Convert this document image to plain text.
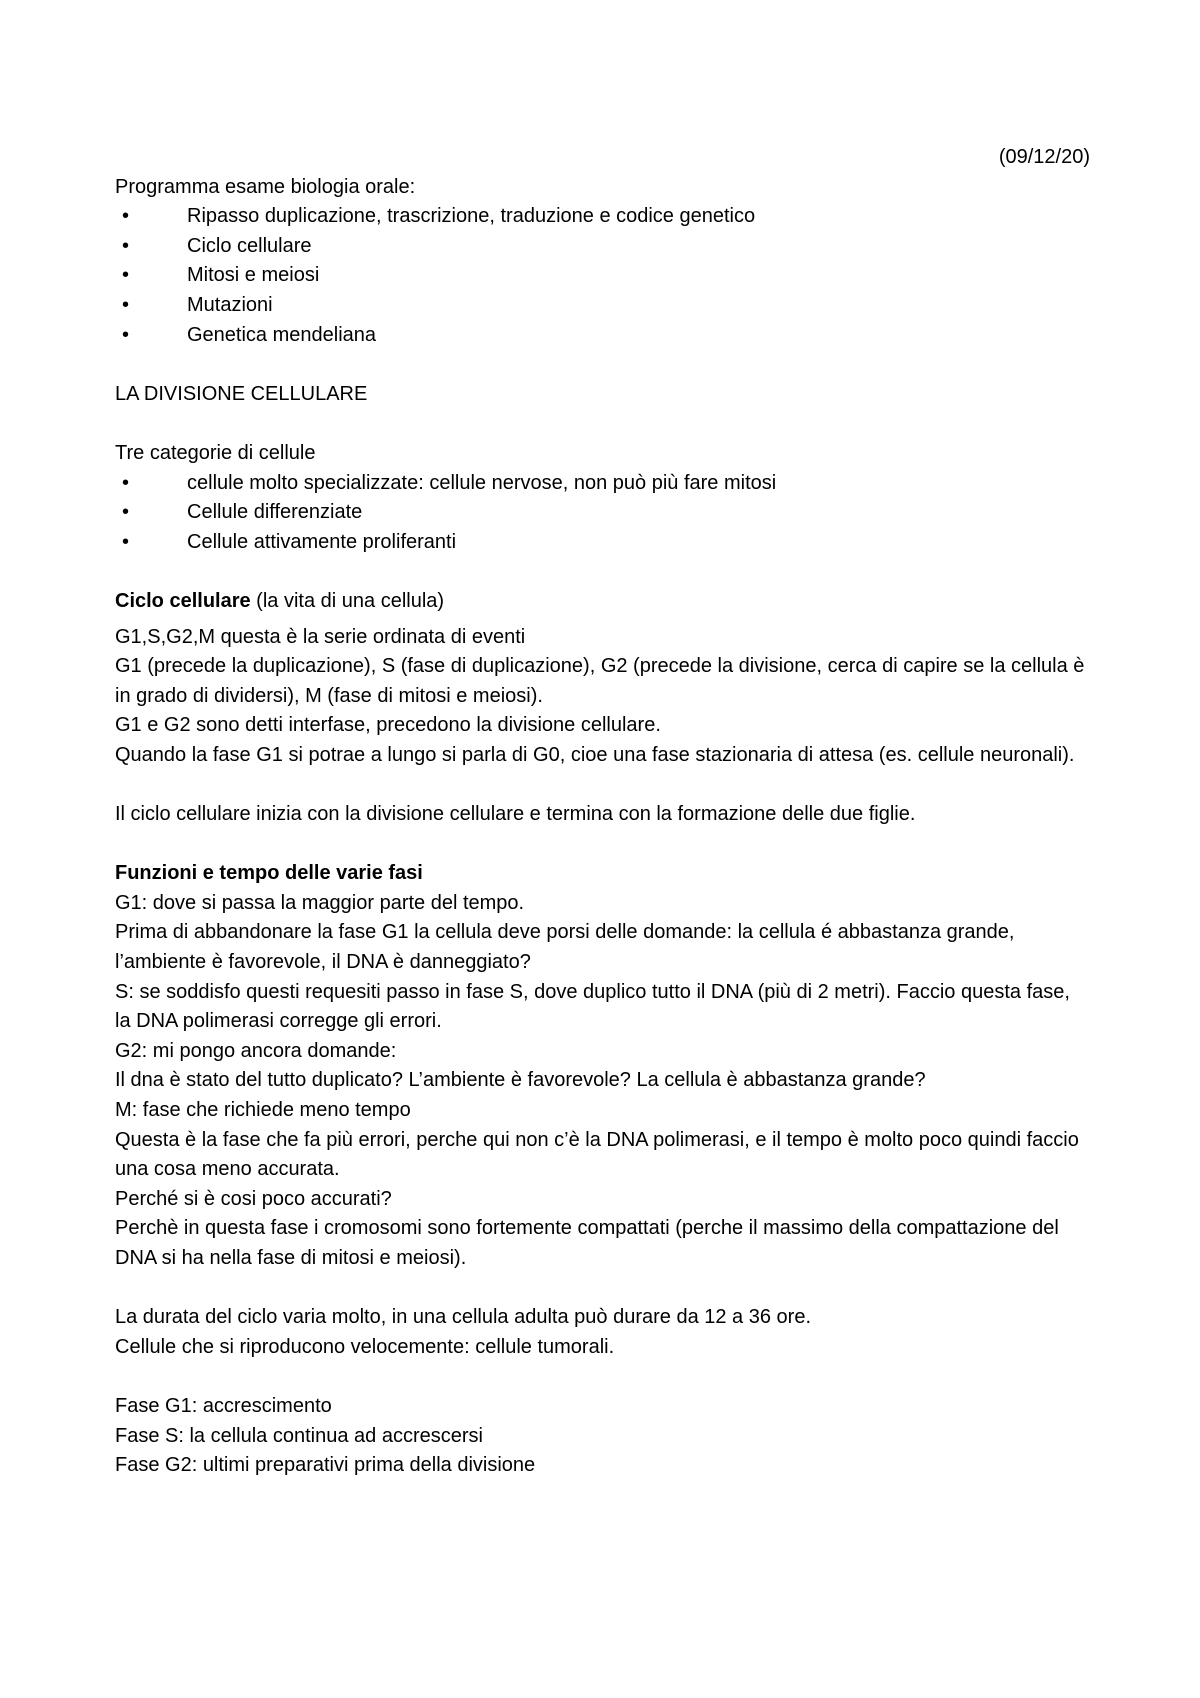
(09/12/20)
Programma esame biologia orale:
•	Ripasso duplicazione, trascrizione, traduzione e codice genetico
•	Ciclo cellulare
•	Mitosi e meiosi
•	Mutazioni
•	Genetica mendeliana
LA DIVISIONE CELLULARE
Tre categorie di cellule
•	cellule molto specializzate: cellule nervose, non può più fare mitosi
•	Cellule differenziate
•	Cellule attivamente proliferanti
Ciclo cellulare (la vita di una cellula)
G1,S,G2,M questa è la serie ordinata di eventi
G1 (precede la duplicazione), S (fase di duplicazione), G2 (precede la divisione, cerca di capire se la cellula è in grado di dividersi), M (fase di mitosi e meiosi).
G1 e G2 sono detti interfase, precedono la divisione cellulare.
Quando la fase G1 si potrae a lungo si parla di G0, cioe una fase stazionaria di attesa (es. cellule neuronali).
Il ciclo cellulare inizia con la divisione cellulare e termina con la formazione delle due figlie.
Funzioni e tempo delle varie fasi
G1: dove si passa la maggior parte del tempo.
Prima di abbandonare la fase G1 la cellula deve porsi delle domande: la cellula é abbastanza grande, l’ambiente è favorevole, il DNA è danneggiato?
S: se soddisfo questi requesiti passo in fase S, dove duplico tutto il DNA (più di 2 metri). Faccio questa fase, la DNA polimerasi corregge gli errori.
G2: mi pongo ancora domande:
Il dna è stato del tutto duplicato? L’ambiente è favorevole? La cellula è abbastanza grande?
M: fase che richiede meno tempo
Questa è la fase che fa più errori, perche qui non c’è la DNA polimerasi, e il tempo è molto poco quindi faccio una cosa meno accurata.
Perché si è cosi poco accurati?
Perchè in questa fase i cromosomi sono fortemente compattati (perche il massimo della compattazione del DNA si ha nella fase di mitosi e meiosi).
La durata del ciclo varia molto, in una cellula adulta può durare da 12 a 36 ore.
Cellule che si riproducono velocemente: cellule tumorali.
Fase G1: accrescimento
Fase S: la cellula continua ad accrescersi
Fase G2: ultimi preparativi prima della divisione
